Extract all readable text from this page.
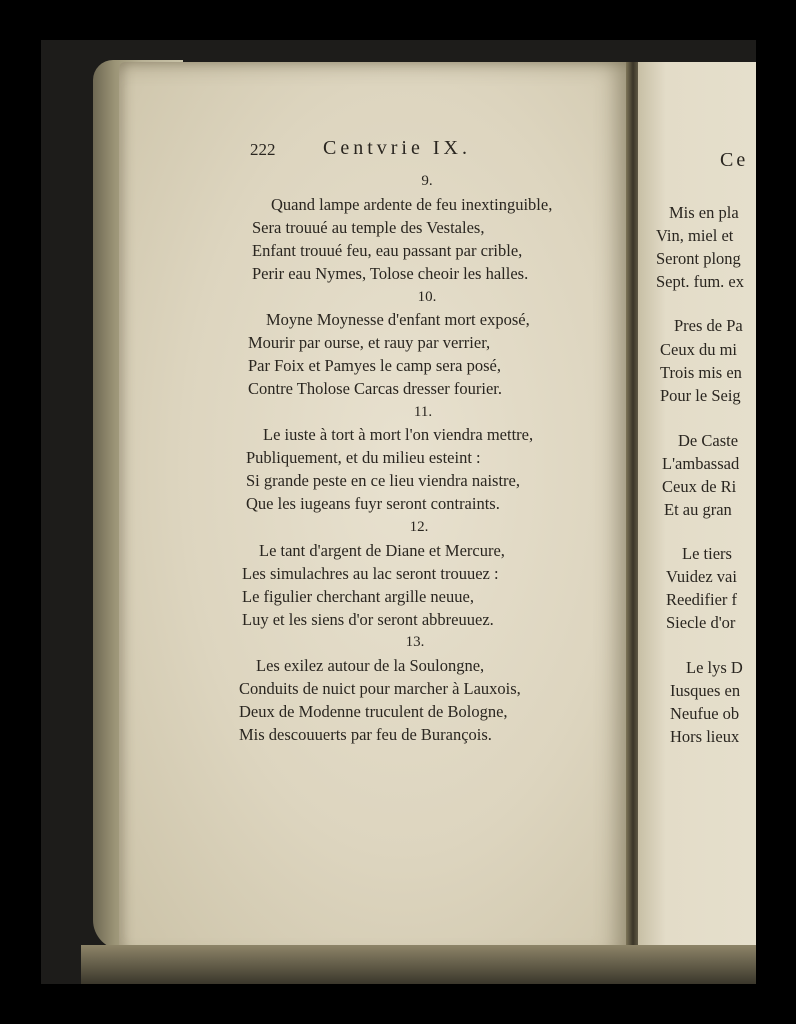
222 Centvrie IX.
9.
Quand lampe ardente de feu inextinguible,
Sera trouué au temple des Vestales,
Enfant trouué feu, eau passant par crible,
Perir eau Nymes, Tolose cheoir les halles.
10.
Moyne Moynesse d'enfant mort exposé,
Mourir par ourse, et rauy par verrier,
Par Foix et Pamyes le camp sera posé,
Contre Tholose Carcas dresser fourier.
11.
Le iuste à tort à mort l'on viendra mettre,
Publiquement, et du milieu esteint :
Si grande peste en ce lieu viendra naistre,
Que les iugeans fuyr seront contraints.
12.
Le tant d'argent de Diane et Mercure,
Les simulachres au lac seront trouuez :
Le figulier cherchant argille neuue,
Luy et les siens d'or seront abbreuuez.
13.
Les exilez autour de la Soulongne,
Conduits de nuict pour marcher à Lauxois,
Deux de Modenne truculent de Bologne,
Mis descouuerts par feu de Burançois.
Ce
Mis en pla
Vin, miel et
Seront plong
Sept. fum. ex
Pres de Pa
Ceux du mi
Trois mis en
Pour le Seig
De Caste
L'ambassad
Ceux de Ri
Et au gran
Le tiers
Vuidez vai
Reedifier f
Siecle d'or
Le lys D
Iusques en
Neufue ob
Hors lieux
